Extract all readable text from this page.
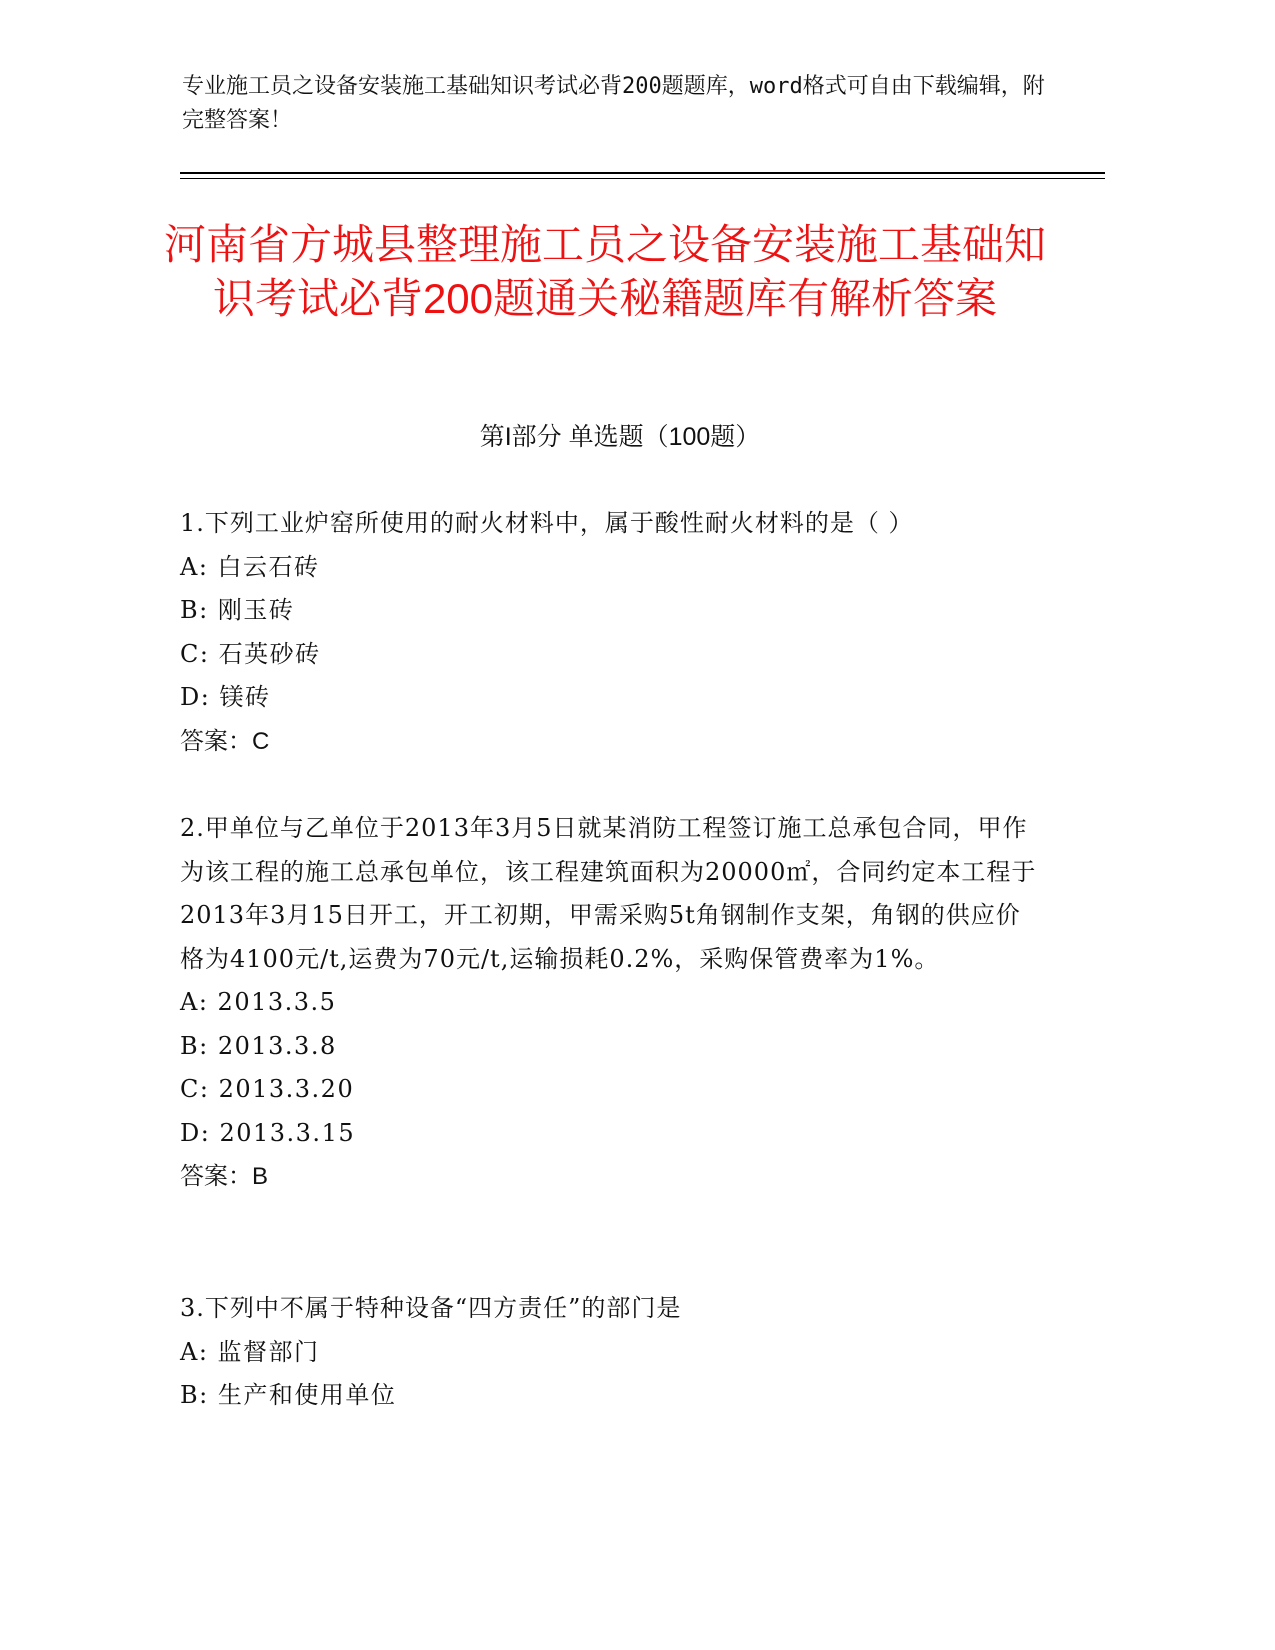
专业施工员之设备安装施工基础知识考试必背200题题库，word格式可自由下载编辑，附完整答案！
河南省方城县整理施工员之设备安装施工基础知识考试必背200题通关秘籍题库有解析答案
第I部分 单选题（100题）

1.下列工业炉窑所使用的耐火材料中，属于酸性耐火材料的是（ ）

A: 白云石砖
B: 刚玉砖
C: 石英砂砖
D: 镁砖
答案：C

2.甲单位与乙单位于2013年3月5日就某消防工程签订施工总承包合同，甲作为该工程的施工总承包单位，该工程建筑面积为20000㎡，合同约定本工程于2013年3月15日开工，开工初期，甲需采购5t角钢制作支架，角钢的供应价格为4100元/t,运费为70元/t,运输损耗0.2%，采购保管费率为1%。

A: 2013.3.5
B: 2013.3.8
C: 2013.3.20
D: 2013.3.15
答案：B

3.下列中不属于特种设备“四方责任”的部门是

A: 监督部门
B: 生产和使用单位
